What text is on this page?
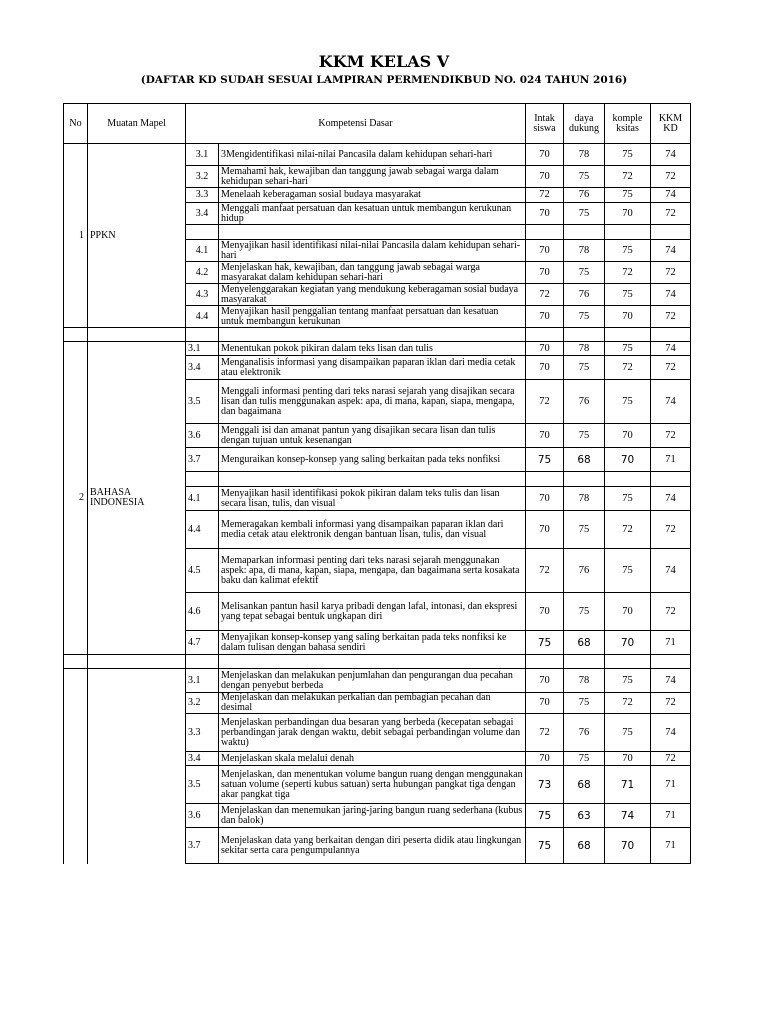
KKM KELAS V
(DAFTAR KD SUDAH SESUAI LAMPIRAN PERMENDIKBUD NO. 024 TAHUN 2016)
No	Muatan Mapel	Kompetensi Dasar		Intak siswa	daya dukung	komple ksitas	KKM KD
1	PPKN	3.1	3Mengidentifikasi nilai-nilai Pancasila dalam kehidupan sehari-hari	70	78	75	74
		3.2	Memahami hak, kewajiban dan tanggung jawab sebagai warga dalam kehidupan sehari-hari	70	75	72	72
		3.3	Menelaah keberagaman sosial budaya masyarakat	72	76	75	74
		3.4	Menggali manfaat persatuan dan kesatuan untuk membangun kerukunan hidup	70	75	70	72

		4.1	Menyajikan hasil identifikasi nilai-nilai Pancasila dalam kehidupan sehari-hari	70	78	75	74
		4.2	Menjelaskan hak, kewajiban, dan tanggung jawab sebagai warga masyarakat dalam kehidupan sehari-hari	70	75	72	72
		4.3	Menyelenggarakan kegiatan yang mendukung keberagaman sosial budaya masyarakat	72	76	75	74
		4.4	Menyajikan hasil penggalian tentang manfaat persatuan dan kesatuan untuk membangun kerukunan	70	75	70	72

2	BAHASA INDONESIA	3.1	Menentukan pokok pikiran dalam teks lisan dan tulis	70	78	75	74
		3.4	Menganalisis informasi yang disampaikan paparan iklan dari media cetak atau elektronik	70	75	72	72
		3.5	Menggali informasi penting dari teks narasi sejarah yang disajikan secara lisan dan tulis menggunakan aspek: apa, di mana, kapan, siapa, mengapa, dan bagaimana	72	76	75	74
		3.6	Menggali isi dan amanat pantun yang disajikan secara lisan dan tulis dengan tujuan untuk kesenangan	70	75	70	72
		3.7	Menguraikan konsep-konsep yang saling berkaitan pada teks nonfiksi	75	68	70	71

		4.1	Menyajikan hasil identifikasi pokok pikiran dalam teks tulis dan lisan secara lisan, tulis, dan visual	70	78	75	74
		4.4	Memeragakan kembali informasi yang disampaikan paparan iklan dari media cetak atau elektronik dengan bantuan lisan, tulis, dan visual	70	75	72	72
		4.5	Memaparkan informasi penting dari teks narasi sejarah menggunakan aspek: apa, di mana, kapan, siapa, mengapa, dan bagaimana serta kosakata baku dan kalimat efektif	72	76	75	74
		4.6	Melisankan pantun hasil karya pribadi dengan lafal, intonasi, dan ekspresi yang tepat sebagai bentuk ungkapan diri	70	75	70	72
		4.7	Menyajikan konsep-konsep yang saling berkaitan pada teks nonfiksi ke dalam tulisan dengan bahasa sendiri	75	68	70	71

		3.1	Menjelaskan dan melakukan penjumlahan dan pengurangan dua pecahan dengan penyebut berbeda	70	78	75	74
		3.2	Menjelaskan dan melakukan perkalian dan pembagian pecahan dan desimal	70	75	72	72
		3.3	Menjelaskan perbandingan dua besaran yang berbeda (kecepatan sebagai perbandingan jarak dengan waktu, debit sebagai perbandingan volume dan waktu)	72	76	75	74
		3.4	Menjelaskan skala melalui denah	70	75	70	72
		3.5	Menjelaskan, dan menentukan volume bangun ruang dengan menggunakan satuan volume (seperti kubus satuan) serta hubungan pangkat tiga dengan akar pangkat tiga	73	68	71	71
		3.6	Menjelaskan dan menemukan jaring-jaring bangun ruang sederhana (kubus dan balok)	75	63	74	71
		3.7	Menjelaskan data yang berkaitan dengan diri peserta didik atau lingkungan sekitar serta cara pengumpulannya	75	68	70	71
